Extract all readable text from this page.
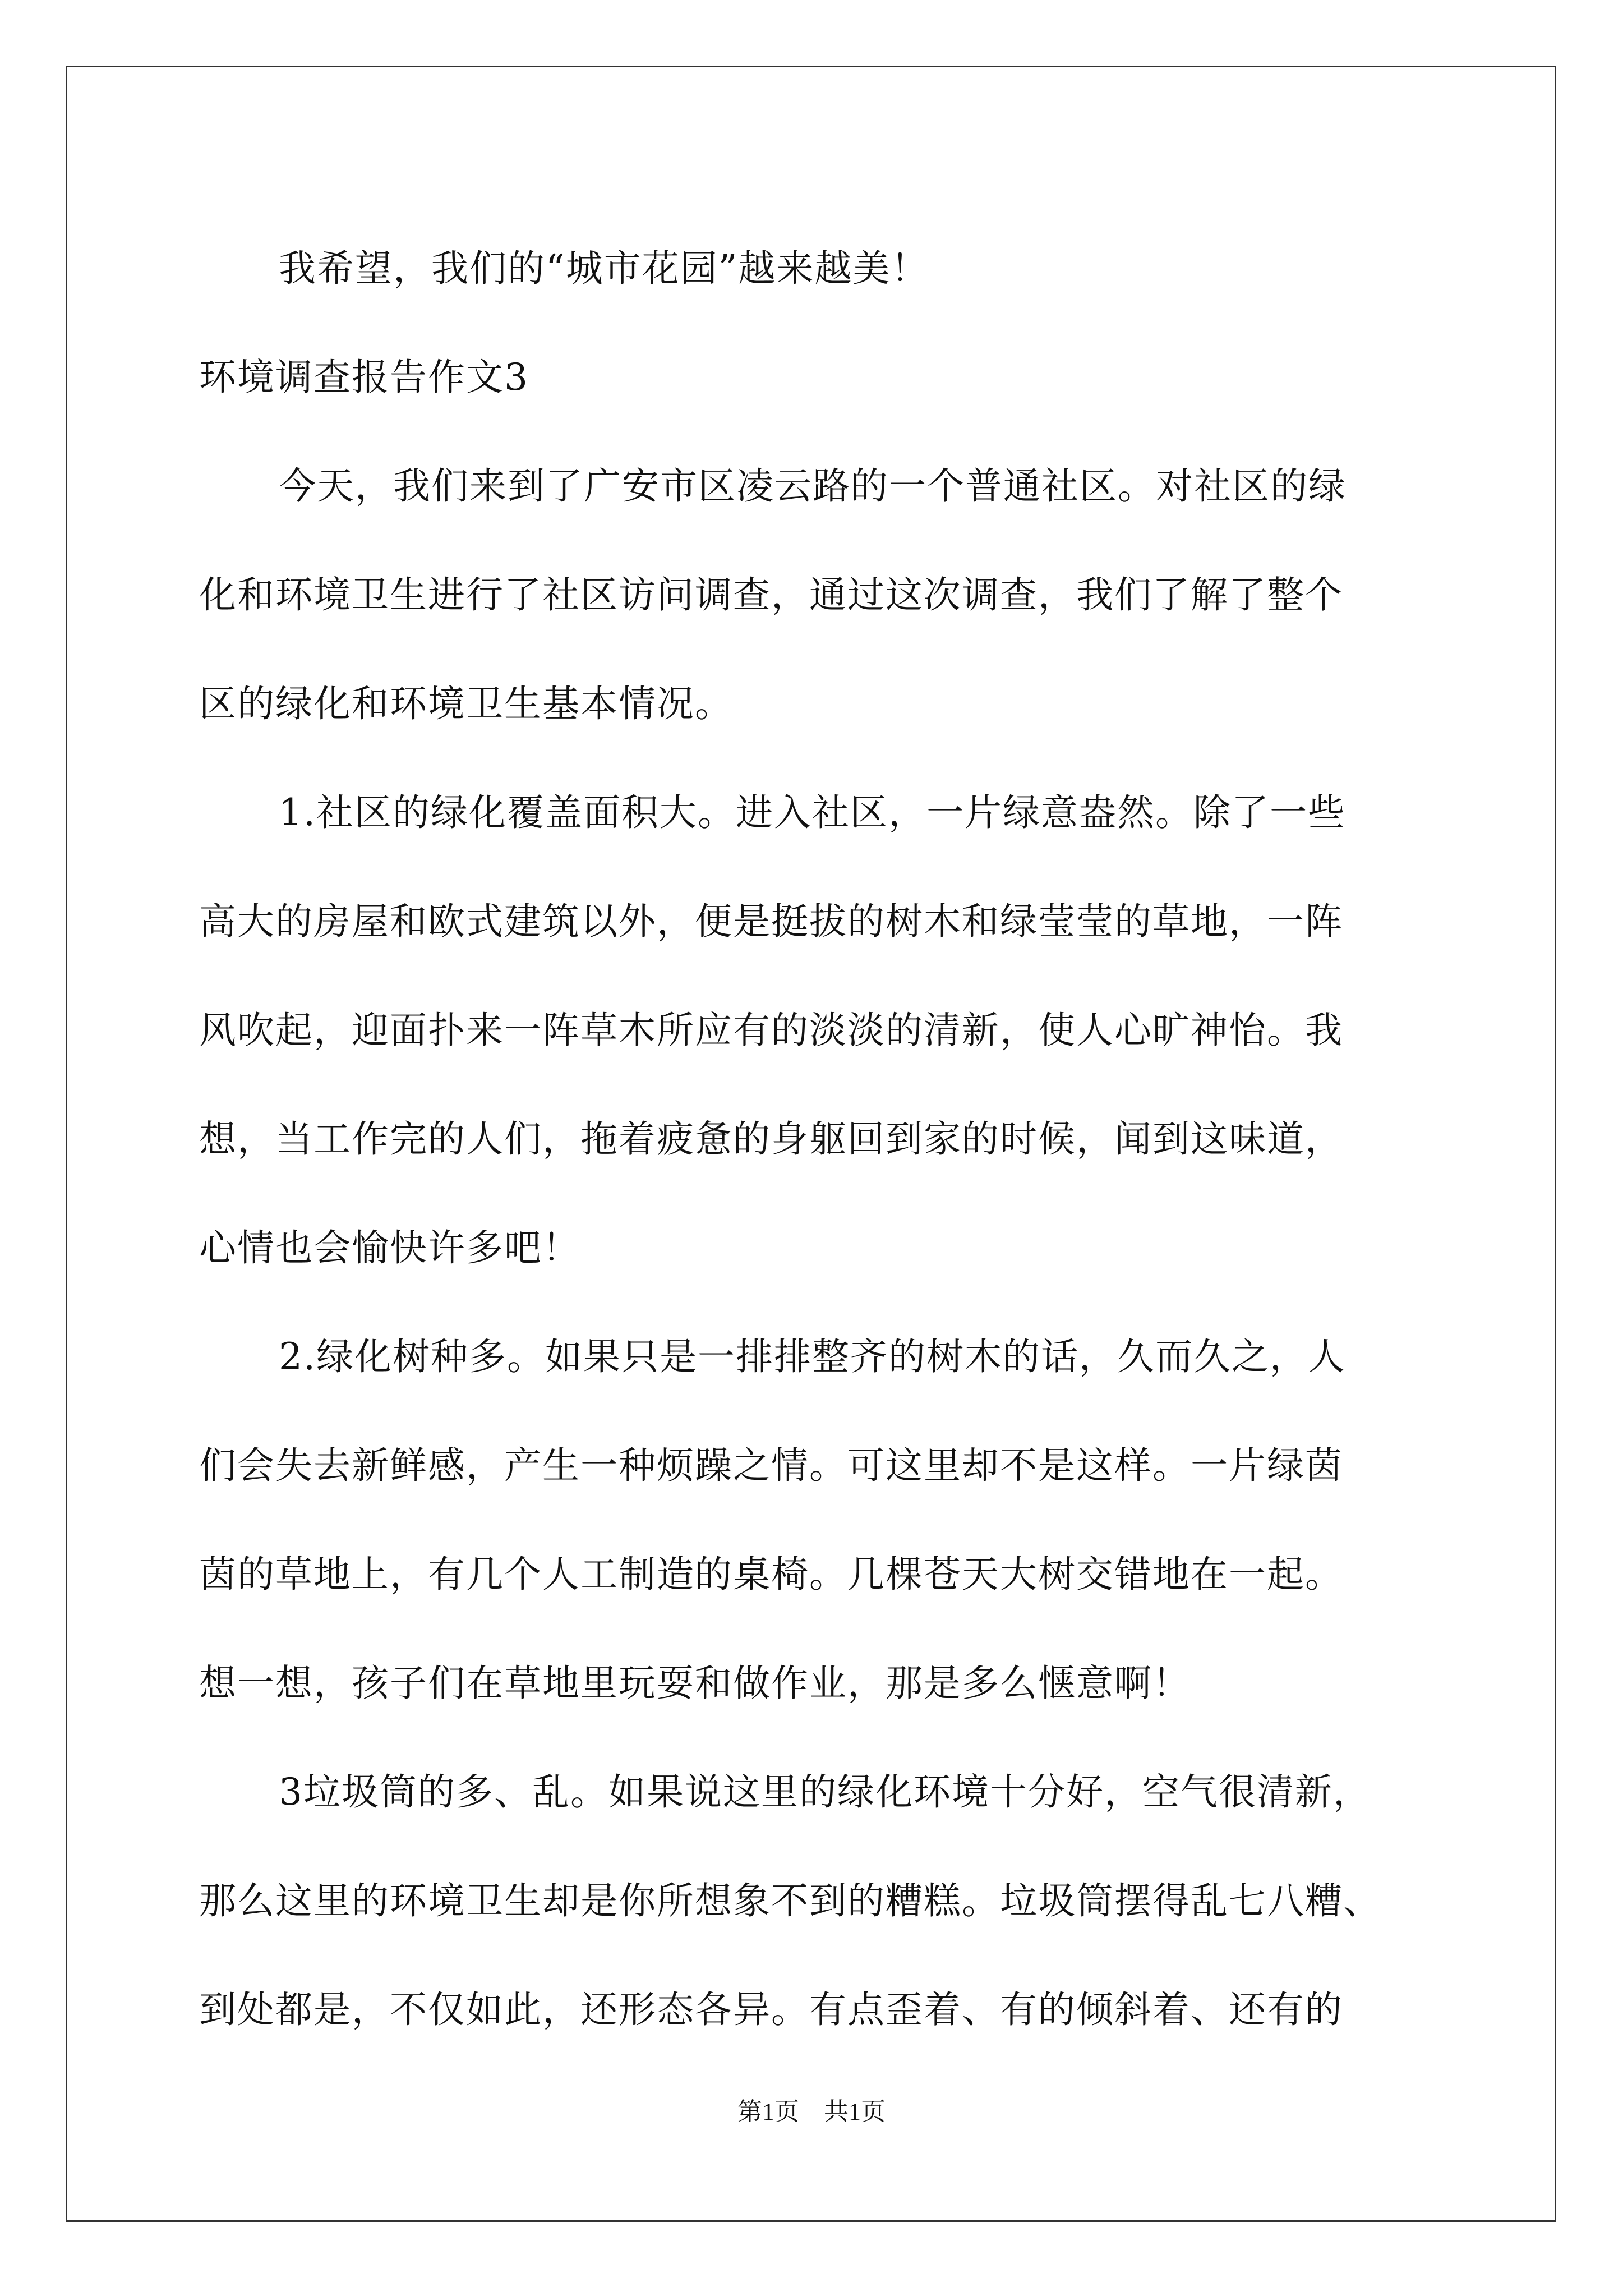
我希望，我们的“城市花园”越来越美！
环境调查报告作文3
今天，我们来到了广安市区凌云路的一个普通社区。对社区的绿
化和环境卫生进行了社区访问调查，通过这次调查，我们了解了整个
区的绿化和环境卫生基本情况。
1.社区的绿化覆盖面积大。进入社区，一片绿意盎然。除了一些
高大的房屋和欧式建筑以外，便是挺拔的树木和绿莹莹的草地，一阵
风吹起，迎面扑来一阵草木所应有的淡淡的清新，使人心旷神怡。我
想，当工作完的人们，拖着疲惫的身躯回到家的时候，闻到这味道，
心情也会愉快许多吧！
2.绿化树种多。如果只是一排排整齐的树木的话，久而久之，人
们会失去新鲜感，产生一种烦躁之情。可这里却不是这样。一片绿茵
茵的草地上，有几个人工制造的桌椅。几棵苍天大树交错地在一起。
想一想，孩子们在草地里玩耍和做作业，那是多么惬意啊！
3垃圾筒的多、乱。如果说这里的绿化环境十分好，空气很清新，
那么这里的环境卫生却是你所想象不到的糟糕。垃圾筒摆得乱七八糟、
到处都是，不仅如此，还形态各异。有点歪着、有的倾斜着、还有的
第1页 共1页
